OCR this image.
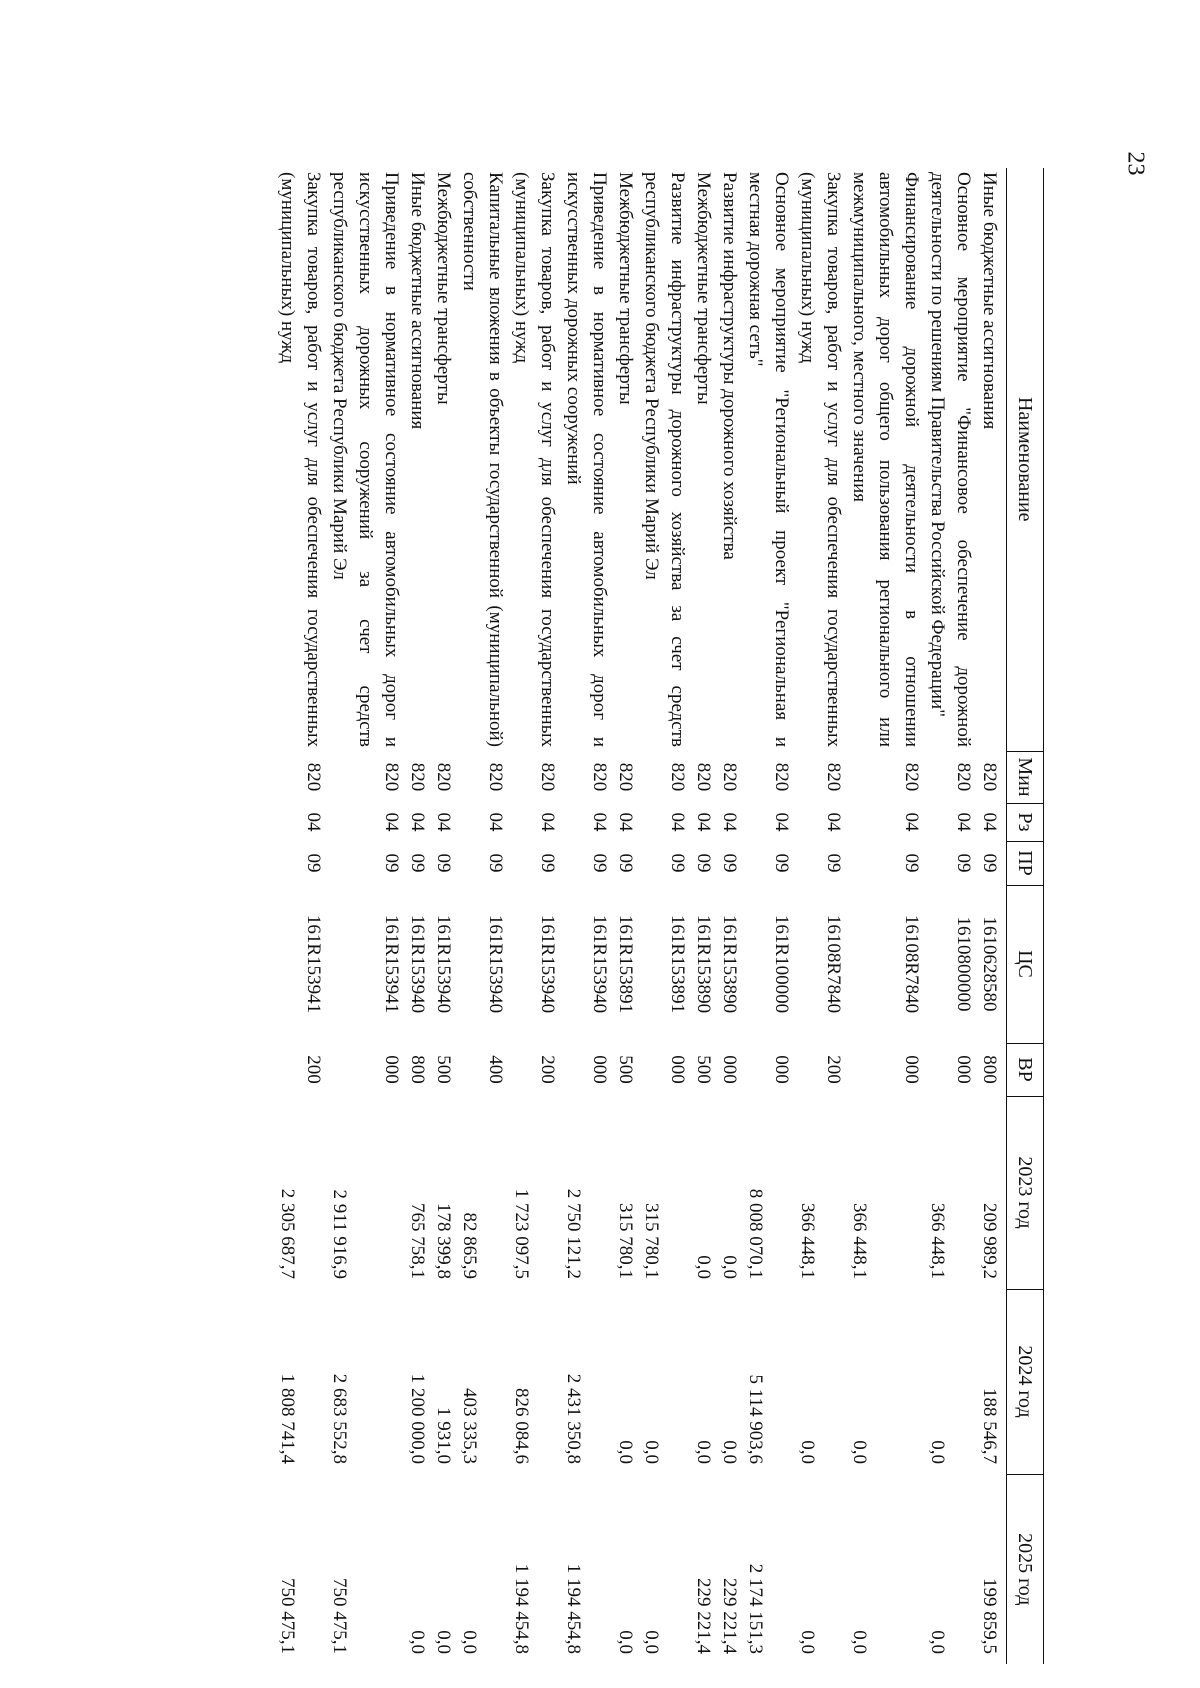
23
Наименование	Мин	Рз	ПР	ЦС	ВР	2023 год	2024 год	2025 год
Иные бюджетные ассигнования	820	04	09	1610628580	800	209 989,2	188 546,7	199 859,5
Основное мероприятие "Финансовое обеспечение дорожной деятельности по решениям Правительства Российской Федерации"	820	04	09	1610800000	000	366 448,1	0,0	0,0
Финансирование дорожной деятельности в отношении автомобильных дорог общего пользования регионального или межмуниципального, местного значения	820	04	09	16108R7840	000	366 448,1	0,0	0,0
Закупка товаров, работ и услуг для обеспечения государственных (муниципальных) нужд	820	04	09	16108R7840	200	366 448,1	0,0	0,0
Основное мероприятие "Региональный проект "Региональная и местная дорожная сеть"	820	04	09	161R100000	000	8 008 070,1	5 114 903,6	2 174 151,3
Развитие инфраструктуры дорожного хозяйства	820	04	09	161R153890	000	0,0	0,0	229 221,4
Межбюджетные трансферты	820	04	09	161R153890	500	0,0	0,0	229 221,4
Развитие инфраструктуры дорожного хозяйства за счет средств республиканского бюджета Республики Марий Эл	820	04	09	161R153891	000	315 780,1	0,0	0,0
Межбюджетные трансферты	820	04	09	161R153891	500	315 780,1	0,0	0,0
Приведение в нормативное состояние автомобильных дорог и искусственных дорожных сооружений	820	04	09	161R153940	000	2 750 121,2	2 431 350,8	1 194 454,8
Закупка товаров, работ и услуг для обеспечения государственных (муниципальных) нужд	820	04	09	161R153940	200	1 723 097,5	826 084,6	1 194 454,8
Капитальные вложения в объекты государственной (муниципальной) собственности	820	04	09	161R153940	400	82 865,9	403 335,3	0,0
Межбюджетные трансферты	820	04	09	161R153940	500	178 399,8	1 931,0	0,0
Иные бюджетные ассигнования	820	04	09	161R153940	800	765 758,1	1 200 000,0	0,0
Приведение в нормативное состояние автомобильных дорог и искусственных дорожных сооружений за счет средств республиканского бюджета Республики Марий Эл	820	04	09	161R153941	000	2 911 916,9	2 683 552,8	750 475,1
Закупка товаров, работ и услуг для обеспечения государственных (муниципальных) нужд	820	04	09	161R153941	200	2 305 687,7	1 808 741,4	750 475,1
